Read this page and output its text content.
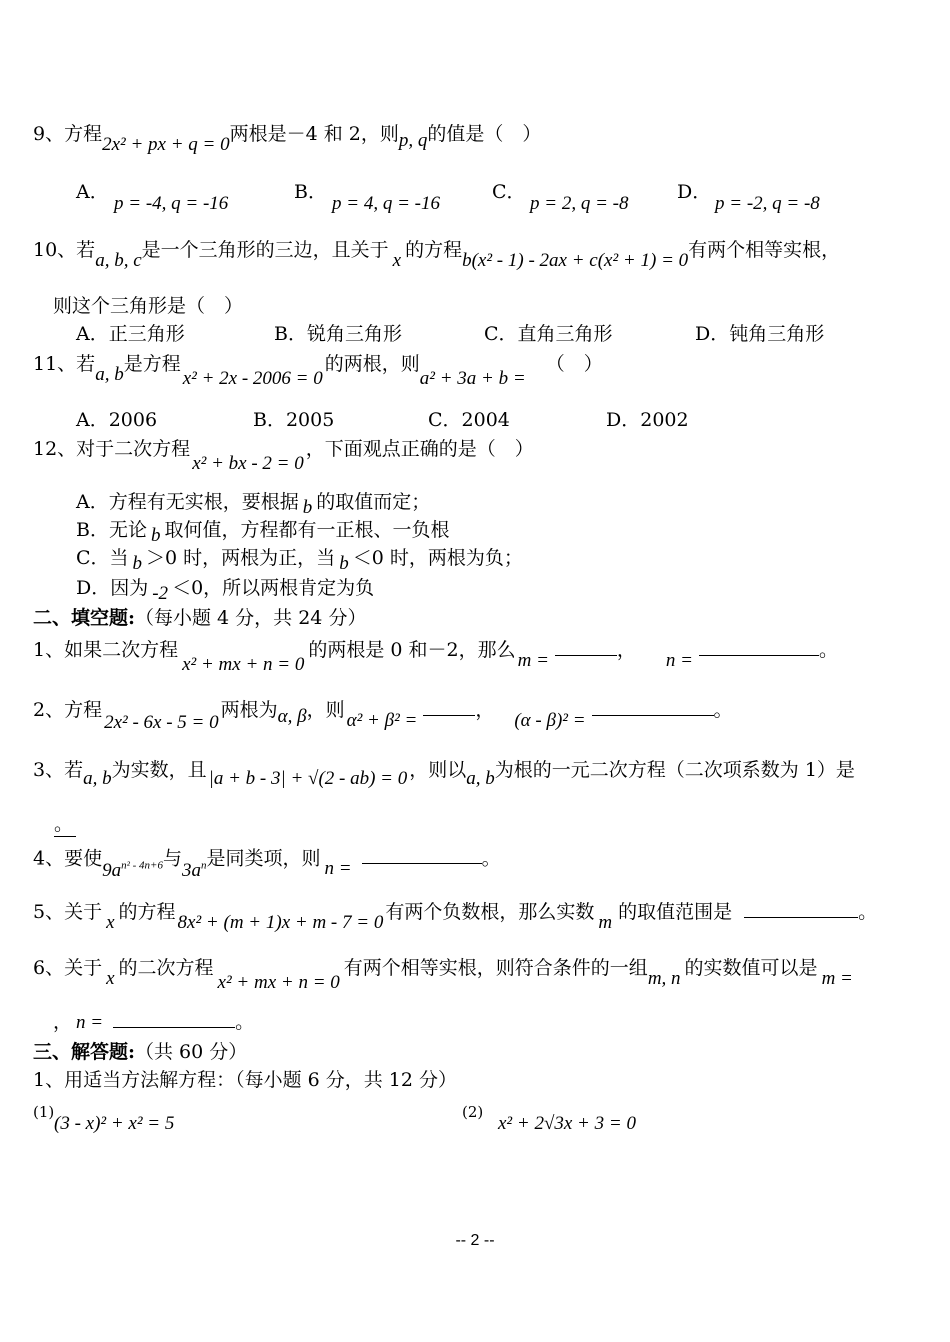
9、方程2x² + px + q = 0两根是－4 和 2，则p, q的值是（　）
A．
p = -4, q = -16
B．
p = 4, q = -16
C．
p = 2, q = -8
D．
p = -2, q = -8
10、若a, b, c是一个三角形的三边，且关于 x 的方程b(x² - 1) - 2ax + c(x² + 1) = 0有两个相等实根，
则这个三角形是（　）
A．正三角形	B．锐角三角形	C．直角三角形	D．钝角三角形
11、若a, b是方程x² + 2x - 2006 = 0的两根，则a² + 3a + b =（　）
A．2006	B．2005	C．2004	D．2002
12、对于二次方程x² + bx - 2 = 0，下面观点正确的是（　）
A．方程有无实根，要根据 b 的取值而定；
B．无论 b 取何值，方程都有一正根、一负根
C．当 b ＞0 时，两根为正，当 b ＜0 时，两根为负；
D．因为 -2 ＜0，所以两根肯定为负
二、填空题:（每小题 4 分，共 24 分）
1、如果二次方程x² + mx + n = 0的两根是 0 和－2，那么 m =	， n =	。
2、方程2x² - 6x - 5 = 0两根为α, β，则 α² + β² =	， (α - β)² =	。
3、若a, b为实数，且 |a + b - 3| + √(2 - ab) = 0 ，则以a, b为根的一元二次方程（二次项系数为 1）是
。
4、要使$9a^{n^2 - 4n+6}$与$3a^n$是同类项，则 n =	。
5、关于 x 的方程 8x² + (m + 1)x + m - 7 = 0 有两个负数根，那么实数 m 的取值范围是	。
6、关于 x 的二次方程x² + mx + n = 0有两个相等实根，则符合条件的一组m, n 的实数值可以是 m =
， n =	。
三、解答题:（共 60 分）
1、用适当方法解方程：（每小题 6 分，共 12 分）
(1)
(3 - x)² + x² = 5
(2)
x² + 2√3x + 3 = 0
-- 2 --
